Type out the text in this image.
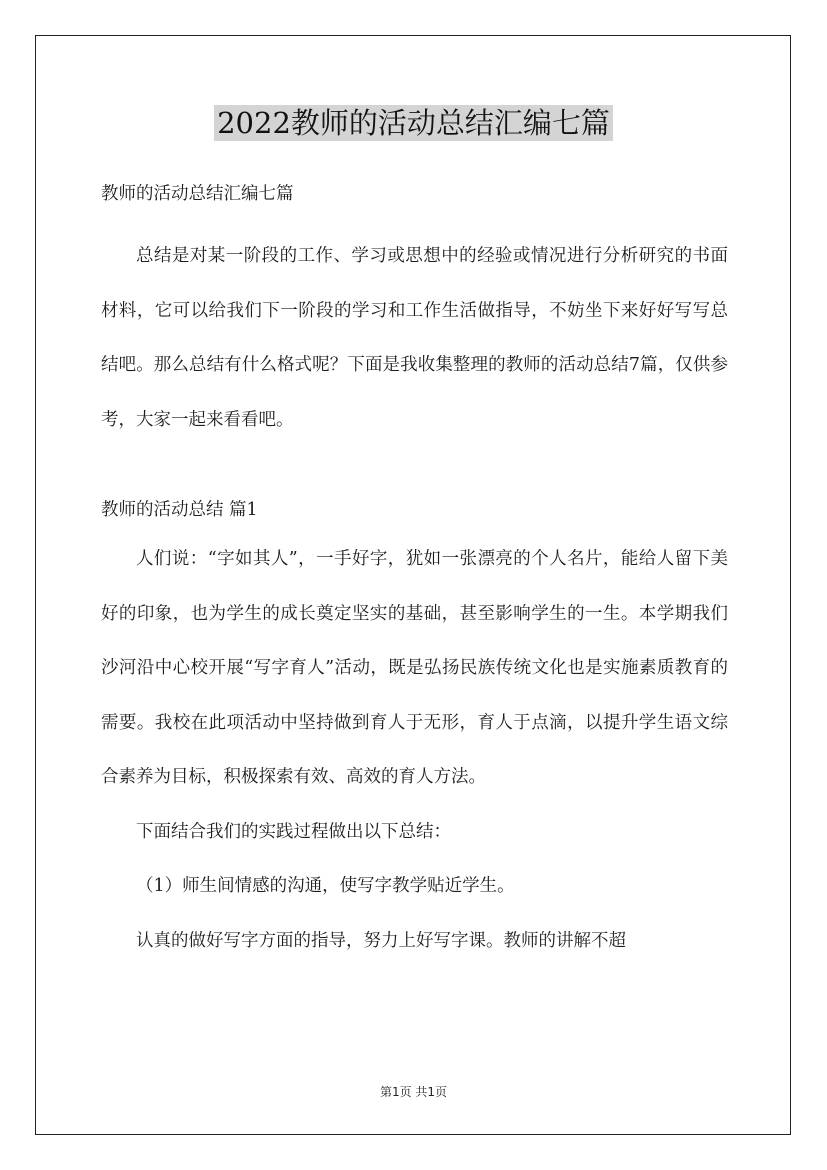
2022教师的活动总结汇编七篇

教师的活动总结汇编七篇

总结是对某一阶段的工作、学习或思想中的经验或情况进行分析研究的书面材料，它可以给我们下一阶段的学习和工作生活做指导，不妨坐下来好好写写总结吧。那么总结有什么格式呢？下面是我收集整理的教师的活动总结7篇，仅供参考，大家一起来看看吧。

教师的活动总结 篇1

人们说：“字如其人”，一手好字，犹如一张漂亮的个人名片，能给人留下美好的印象，也为学生的成长奠定坚实的基础，甚至影响学生的一生。本学期我们沙河沿中心校开展“写字育人”活动，既是弘扬民族传统文化也是实施素质教育的需要。我校在此项活动中坚持做到育人于无形，育人于点滴，以提升学生语文综合素养为目标，积极探索有效、高效的育人方法。

下面结合我们的实践过程做出以下总结：

（1）师生间情感的沟通，使写字教学贴近学生。

认真的做好写字方面的指导，努力上好写字课。教师的讲解不超

第1页 共1页
